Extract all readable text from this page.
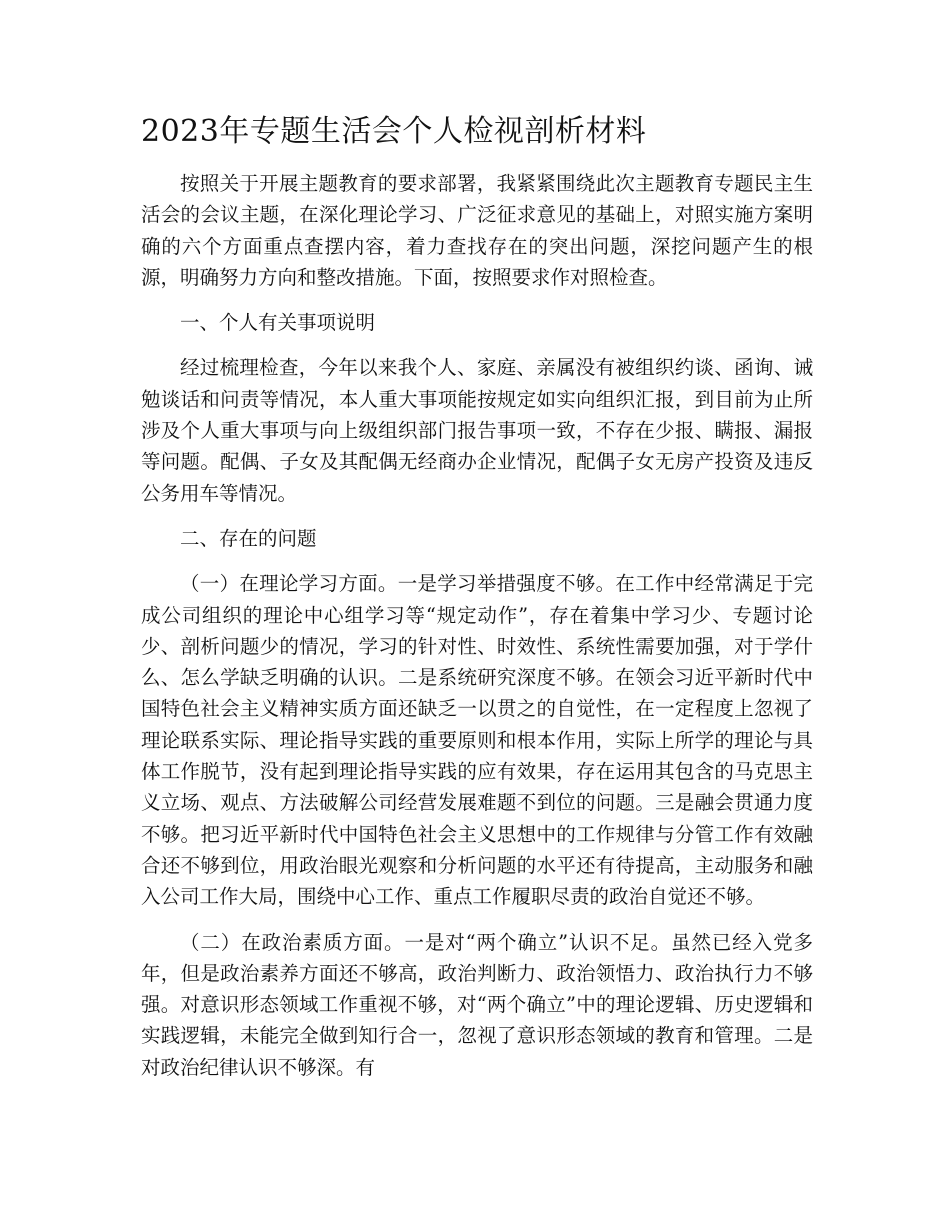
2023年专题生活会个人检视剖析材料

按照关于开展主题教育的要求部署，我紧紧围绕此次主题教育专题民主生活会的会议主题，在深化理论学习、广泛征求意见的基础上，对照实施方案明确的六个方面重点查摆内容，着力查找存在的突出问题，深挖问题产生的根源，明确努力方向和整改措施。下面，按照要求作对照检查。

一、个人有关事项说明

经过梳理检查，今年以来我个人、家庭、亲属没有被组织约谈、函询、诫勉谈话和问责等情况，本人重大事项能按规定如实向组织汇报，到目前为止所涉及个人重大事项与向上级组织部门报告事项一致，不存在少报、瞒报、漏报等问题。配偶、子女及其配偶无经商办企业情况，配偶子女无房产投资及违反公务用车等情况。

二、存在的问题

（一）在理论学习方面。一是学习举措强度不够。在工作中经常满足于完成公司组织的理论中心组学习等“规定动作”，存在着集中学习少、专题讨论少、剖析问题少的情况，学习的针对性、时效性、系统性需要加强，对于学什么、怎么学缺乏明确的认识。二是系统研究深度不够。在领会习近平新时代中国特色社会主义精神实质方面还缺乏一以贯之的自觉性，在一定程度上忽视了理论联系实际、理论指导实践的重要原则和根本作用，实际上所学的理论与具体工作脱节，没有起到理论指导实践的应有效果，存在运用其包含的马克思主义立场、观点、方法破解公司经营发展难题不到位的问题。三是融会贯通力度不够。把习近平新时代中国特色社会主义思想中的工作规律与分管工作有效融合还不够到位，用政治眼光观察和分析问题的水平还有待提高，主动服务和融入公司工作大局，围绕中心工作、重点工作履职尽责的政治自觉还不够。

（二）在政治素质方面。一是对“两个确立”认识不足。虽然已经入党多年，但是政治素养方面还不够高，政治判断力、政治领悟力、政治执行力不够强。对意识形态领域工作重视不够，对“两个确立”中的理论逻辑、历史逻辑和实践逻辑，未能完全做到知行合一，忽视了意识形态领域的教育和管理。二是对政治纪律认识不够深。有
